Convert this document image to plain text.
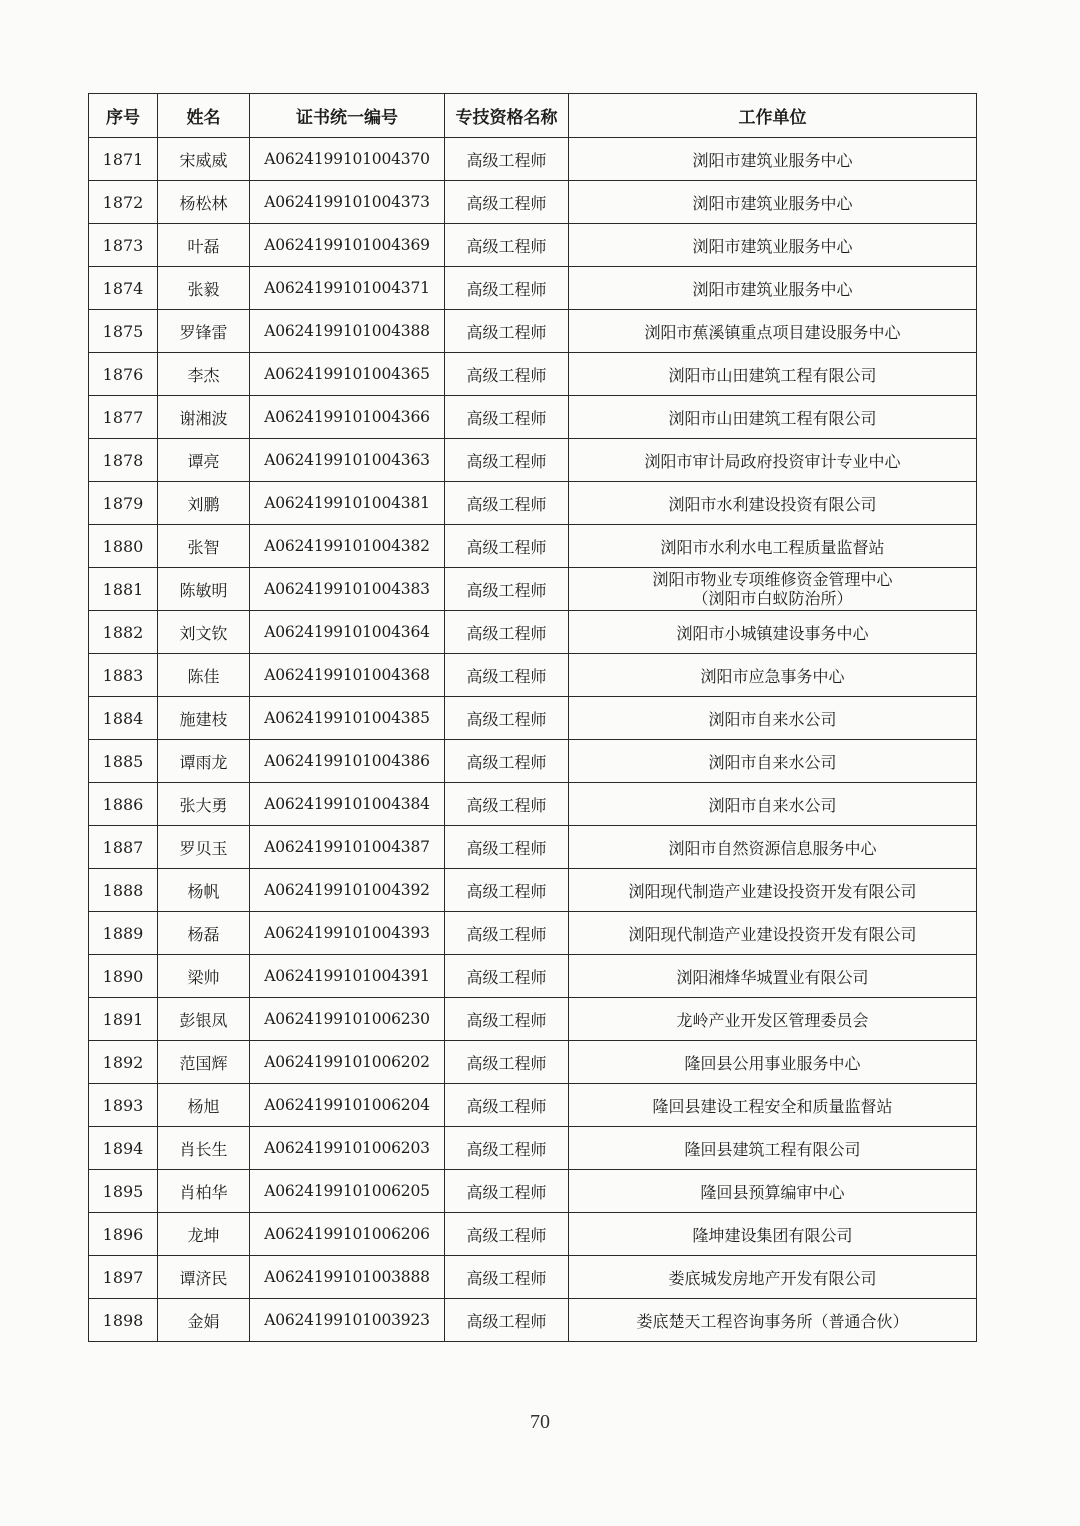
序号	姓名	证书统一编号	专技资格名称	工作单位
1871	宋威威	A0624199101004370	高级工程师	浏阳市建筑业服务中心
1872	杨松林	A0624199101004373	高级工程师	浏阳市建筑业服务中心
1873	叶磊	A0624199101004369	高级工程师	浏阳市建筑业服务中心
1874	张毅	A0624199101004371	高级工程师	浏阳市建筑业服务中心
1875	罗锋雷	A0624199101004388	高级工程师	浏阳市蕉溪镇重点项目建设服务中心
1876	李杰	A0624199101004365	高级工程师	浏阳市山田建筑工程有限公司
1877	谢湘波	A0624199101004366	高级工程师	浏阳市山田建筑工程有限公司
1878	谭亮	A0624199101004363	高级工程师	浏阳市审计局政府投资审计专业中心
1879	刘鹏	A0624199101004381	高级工程师	浏阳市水利建设投资有限公司
1880	张智	A0624199101004382	高级工程师	浏阳市水利水电工程质量监督站
1881	陈敏明	A0624199101004383	高级工程师	浏阳市物业专项维修资金管理中心
（浏阳市白蚁防治所）

1882	刘文钦	A0624199101004364	高级工程师	浏阳市小城镇建设事务中心
1883	陈佳	A0624199101004368	高级工程师	浏阳市应急事务中心
1884	施建枝	A0624199101004385	高级工程师	浏阳市自来水公司
1885	谭雨龙	A0624199101004386	高级工程师	浏阳市自来水公司
1886	张大勇	A0624199101004384	高级工程师	浏阳市自来水公司
1887	罗贝玉	A0624199101004387	高级工程师	浏阳市自然资源信息服务中心
1888	杨帆	A0624199101004392	高级工程师	浏阳现代制造产业建设投资开发有限公司
1889	杨磊	A0624199101004393	高级工程师	浏阳现代制造产业建设投资开发有限公司
1890	梁帅	A0624199101004391	高级工程师	浏阳湘烽华城置业有限公司
1891	彭银凤	A0624199101006230	高级工程师	龙岭产业开发区管理委员会
1892	范国辉	A0624199101006202	高级工程师	隆回县公用事业服务中心
1893	杨旭	A0624199101006204	高级工程师	隆回县建设工程安全和质量监督站
1894	肖长生	A0624199101006203	高级工程师	隆回县建筑工程有限公司
1895	肖柏华	A0624199101006205	高级工程师	隆回县预算编审中心
1896	龙坤	A0624199101006206	高级工程师	隆坤建设集团有限公司
1897	谭济民	A0624199101003888	高级工程师	娄底城发房地产开发有限公司
1898	金娟	A0624199101003923	高级工程师	娄底楚天工程咨询事务所（普通合伙）
70
